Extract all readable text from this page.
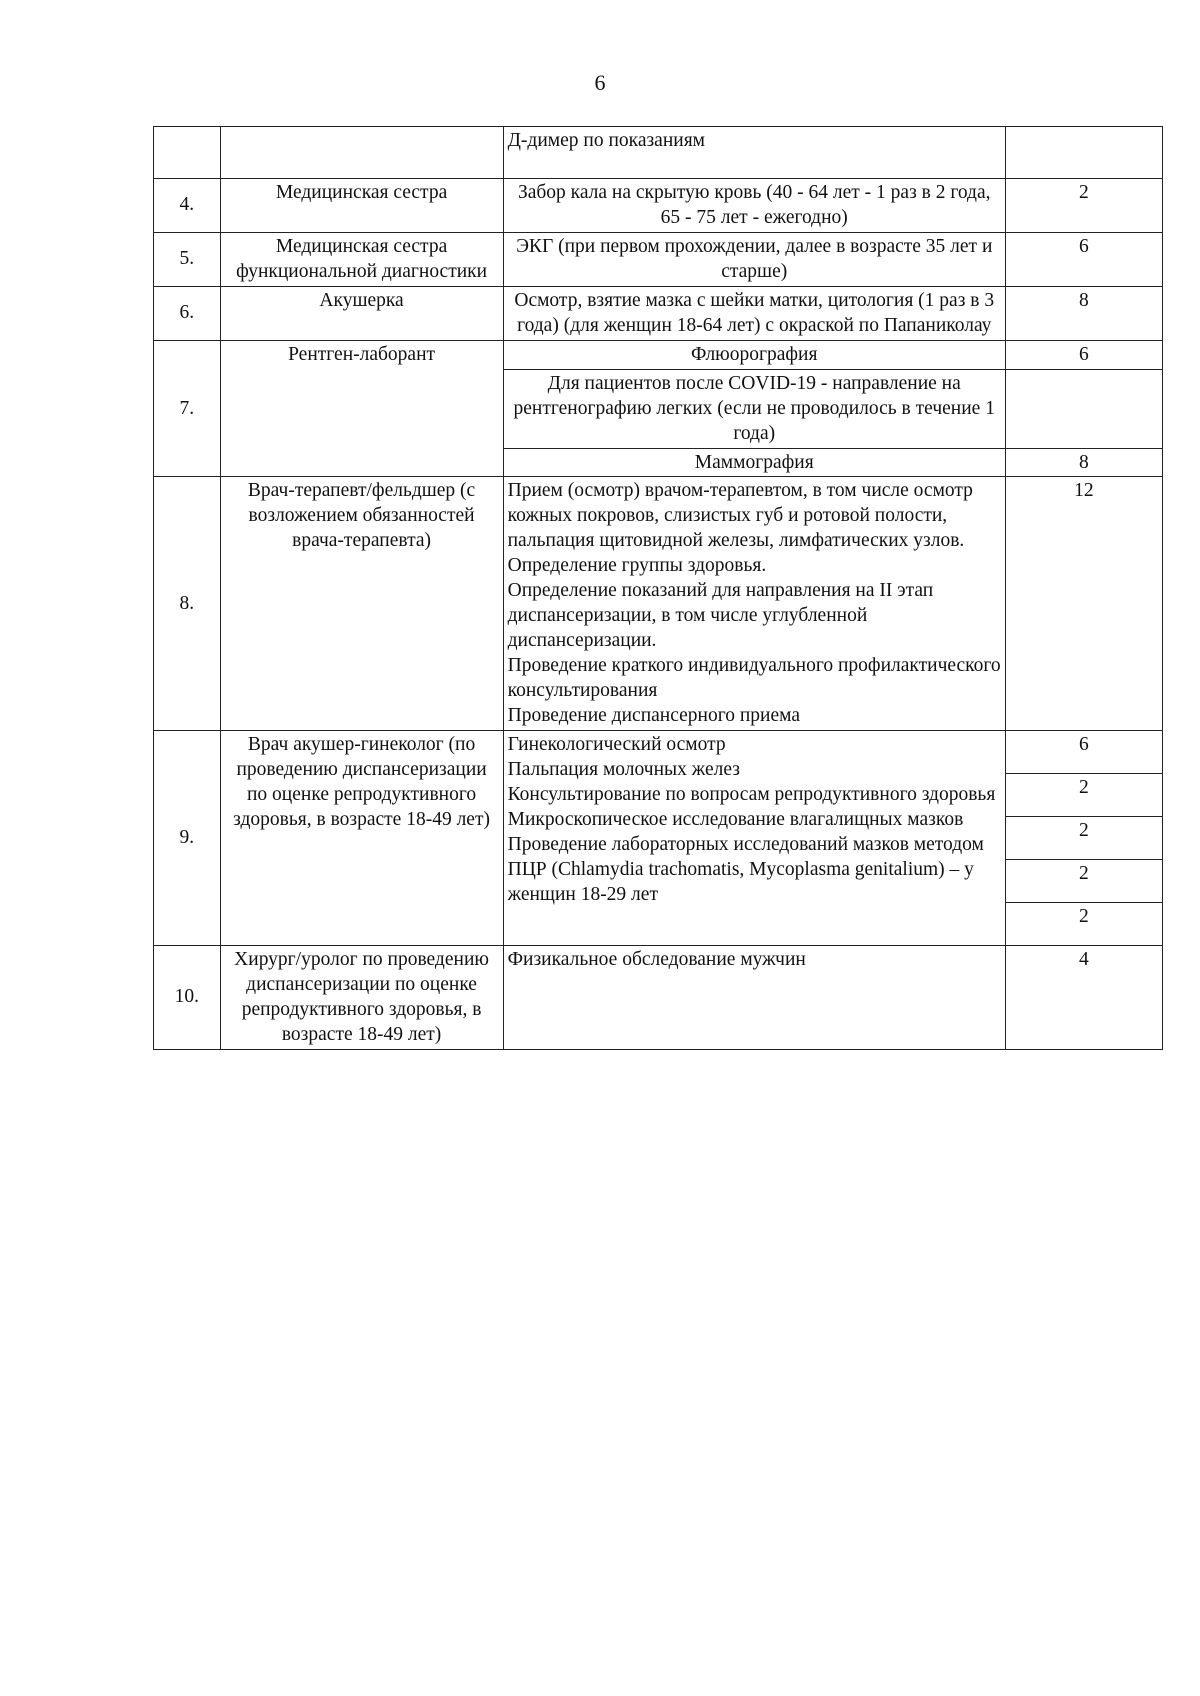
6
		Д-димер по показаниям	
4.	Медицинская сестра	Забор кала на скрытую кровь (40 - 64 лет - 1 раз в 2 года, 65 - 75 лет - ежегодно)	2
5.	Медицинская сестра функциональной диагностики	ЭКГ (при первом прохождении, далее в возрасте 35 лет и старше)	6
6.	Акушерка	Осмотр, взятие мазка с шейки матки, цитология (1 раз в 3 года) (для женщин 18-64 лет) с окраской по Папаниколау	8
7.	Рентген-лаборант	Флюорография	6
		Для пациентов после COVID-19 - направление на рентгенографию легких (если не проводилось в течение 1 года)	
		Маммография	8
8.	Врач-терапевт/фельдшер (с возложением обязанностей врача-терапевта)	Прием (осмотр) врачом-терапевтом, в том числе осмотр кожных покровов, слизистых губ и ротовой полости, пальпация щитовидной железы, лимфатических узлов.
Определение группы здоровья.
Определение показаний для направления на II этап диспансеризации, в том числе углубленной диспансеризации.
Проведение краткого индивидуального профилактического консультирования
Проведение диспансерного приема	12
9.	Врач акушер-гинеколог (по проведению диспансеризации по оценке репродуктивного здоровья, в возрасте 18-49 лет)	Гинекологический осмотр
Пальпация молочных желез
Консультирование по вопросам репродуктивного здоровья
Микроскопическое исследование влагалищных мазков
Проведение лабораторных исследований мазков методом ПЦР (Chlamydia trachomatis, Mycoplasma genitalium) – у женщин 18-29 лет	6
			2
			2
			2
			2
10.	Хирург/уролог по проведению диспансеризации по оценке репродуктивного здоровья, в возрасте 18-49 лет)	Физикальное обследование мужчин	4
